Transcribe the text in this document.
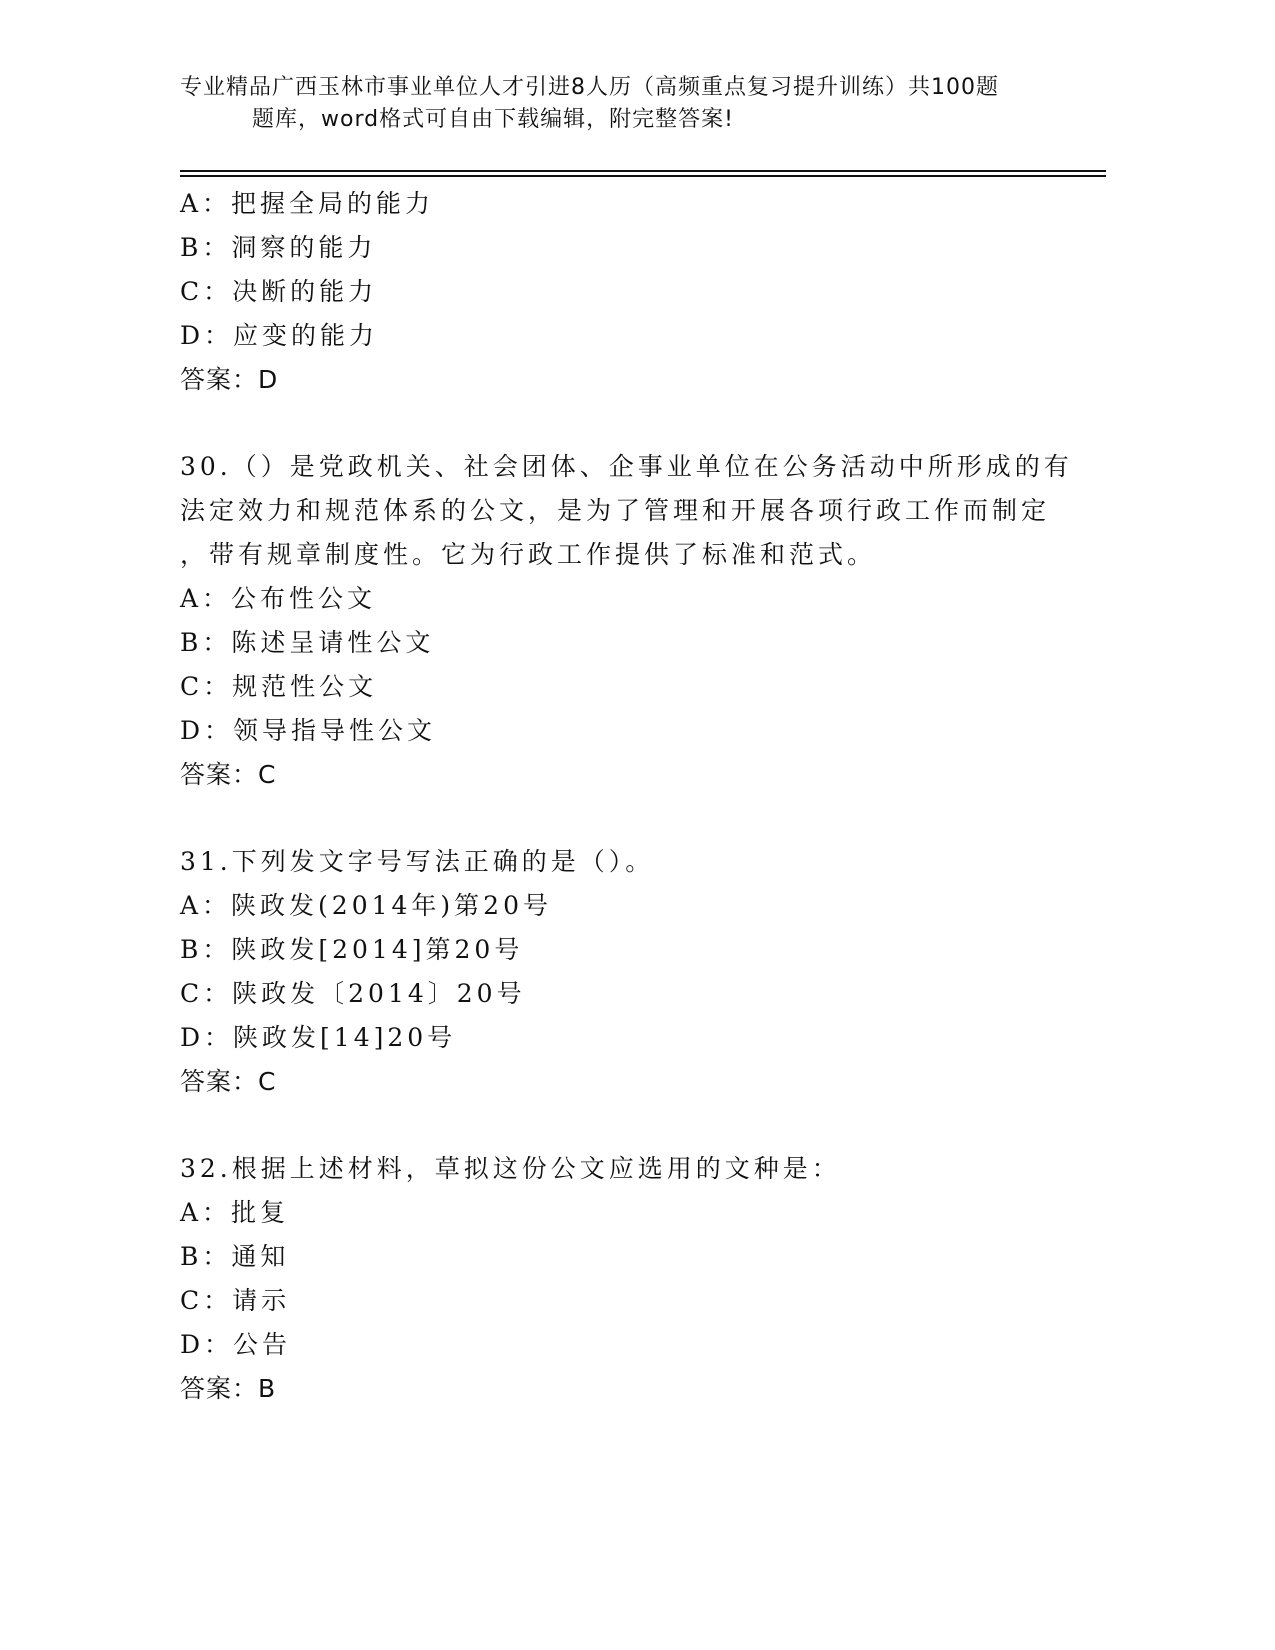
专业精品广西玉林市事业单位人才引进8人历（高频重点复习提升训练）共100题
题库，word格式可自由下载编辑，附完整答案!
A：把握全局的能力
B：洞察的能力
C：决断的能力
D：应变的能力
答案：D
30.（）是党政机关、社会团体、企事业单位在公务活动中所形成的有
法定效力和规范体系的公文，是为了管理和开展各项行政工作而制定
，带有规章制度性。它为行政工作提供了标准和范式。
A：公布性公文
B：陈述呈请性公文
C：规范性公文
D：领导指导性公文
答案：C
31.下列发文字号写法正确的是（）。
A：陕政发(2014年)第20号
B：陕政发[2014]第20号
C：陕政发〔2014〕20号
D：陕政发[14]20号
答案：C
32.根据上述材料，草拟这份公文应选用的文种是：
A：批复
B：通知
C：请示
D：公告
答案：B
